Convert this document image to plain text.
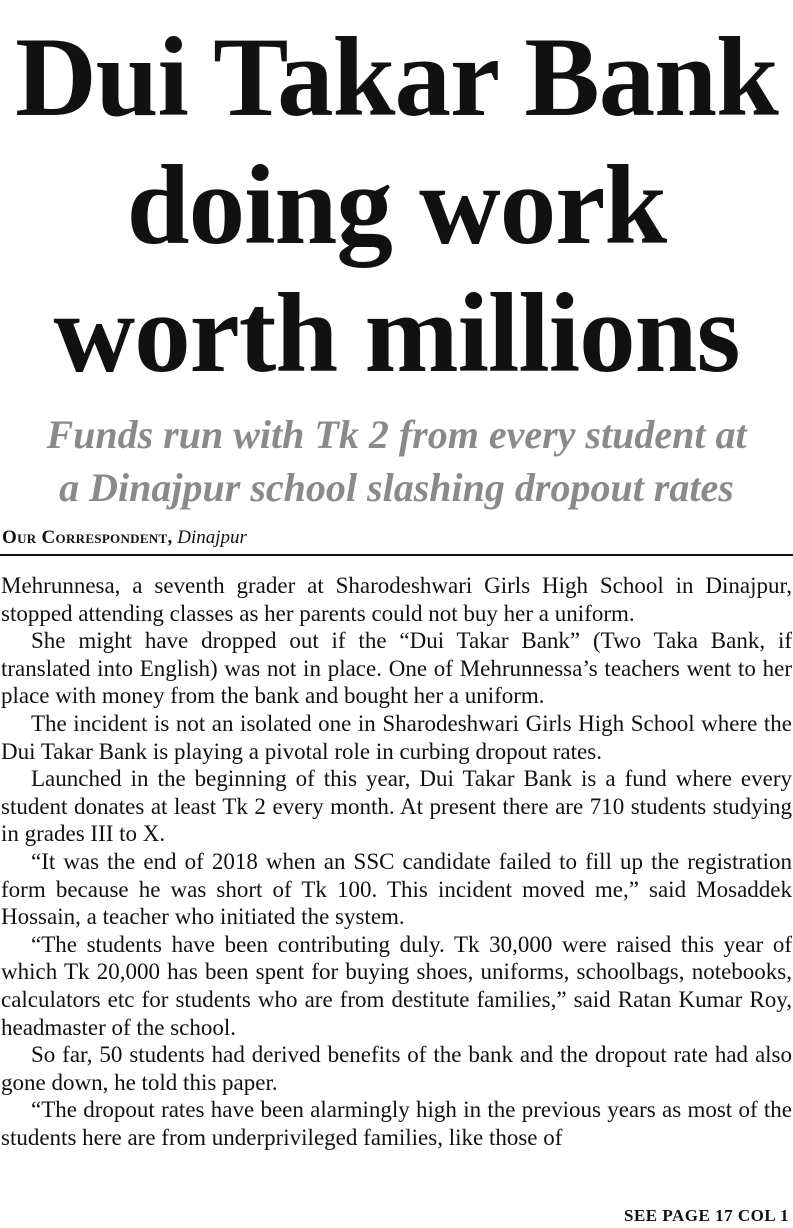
Dui Takar Bank
doing work
worth millions
Funds run with Tk 2 from every student at
a Dinajpur school slashing dropout rates
Our Correspondent, Dinajpur

Mehrunnesa, a seventh grader at Sharodeshwari Girls High School in Dinajpur, stopped attending classes as her parents could not buy her a uniform.

She might have dropped out if the “Dui Takar Bank” (Two Taka Bank, if translated into English) was not in place. One of Mehrunnessa’s teachers went to her place with money from the bank and bought her a uniform.

The incident is not an isolated one in Sharodeshwari Girls High School where the Dui Takar Bank is playing a pivotal role in curbing dropout rates.

Launched in the beginning of this year, Dui Takar Bank is a fund where every student donates at least Tk 2 every month. At present there are 710 students studying in grades III to X.

“It was the end of 2018 when an SSC candidate failed to fill up the registration form because he was short of Tk 100. This incident moved me,” said Mosaddek Hossain, a teacher who initiated the system.

“The students have been contributing duly. Tk 30,000 were raised this year of which Tk 20,000 has been spent for buying shoes, uniforms, schoolbags, notebooks, calculators etc for students who are from destitute families,” said Ratan Kumar Roy, headmaster of the school.

So far, 50 students had derived benefits of the bank and the dropout rate had also gone down, he told this paper.

“The dropout rates have been alarmingly high in the previous years as most of the students here are from underprivileged families, like those of

SEE PAGE 17 COL 1
